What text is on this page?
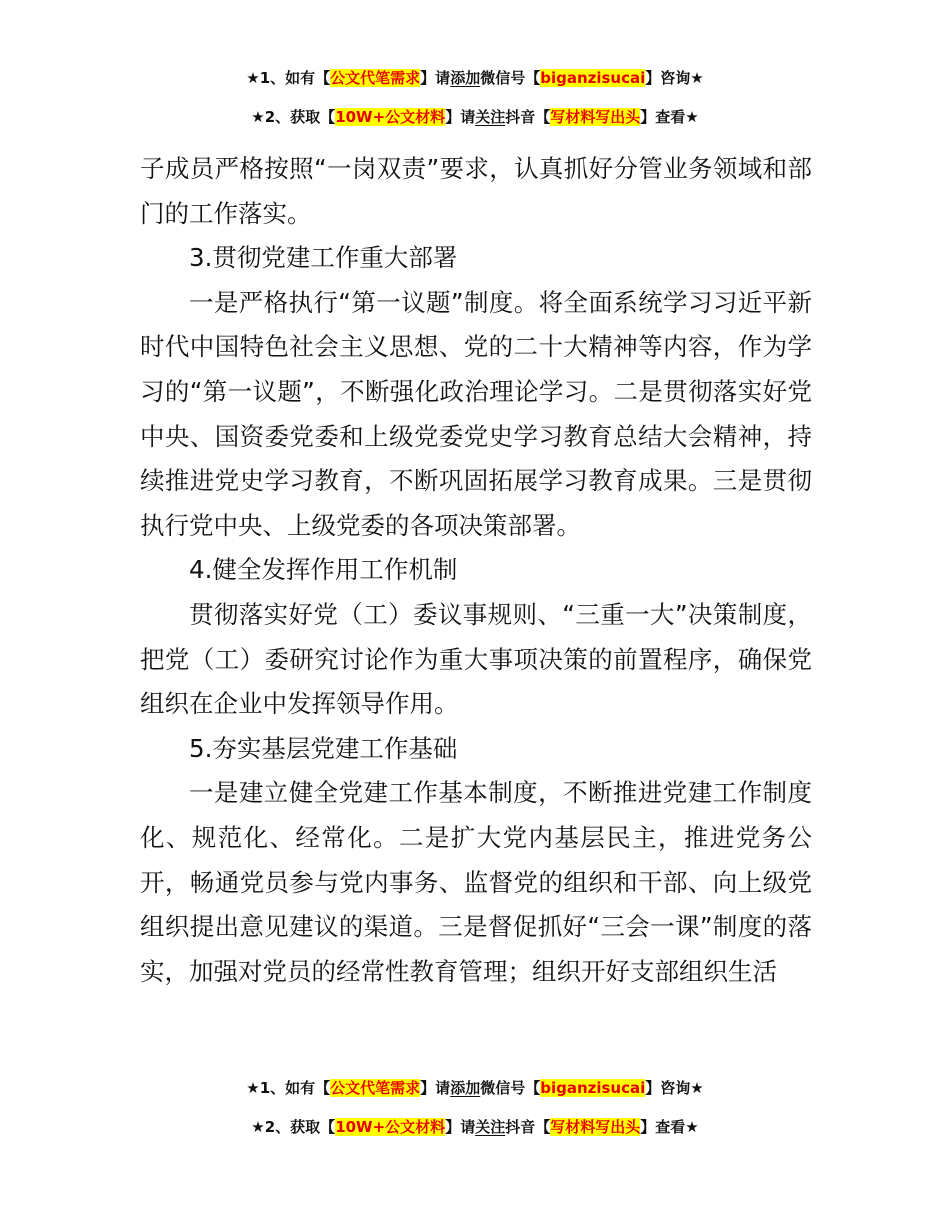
★1、如有【公文代笔需求】请添加微信号【biganzisucai】咨询★
★2、获取【10W+公文材料】请关注抖音【写材料写出头】查看★

子成员严格按照“一岗双责”要求，认真抓好分管业务领域和部门的工作落实。

3.贯彻党建工作重大部署

一是严格执行“第一议题”制度。将全面系统学习习近平新时代中国特色社会主义思想、党的二十大精神等内容，作为学习的“第一议题”，不断强化政治理论学习。二是贯彻落实好党中央、国资委党委和上级党委党史学习教育总结大会精神，持续推进党史学习教育，不断巩固拓展学习教育成果。三是贯彻执行党中央、上级党委的各项决策部署。

4.健全发挥作用工作机制

贯彻落实好党（工）委议事规则、“三重一大”决策制度，把党（工）委研究讨论作为重大事项决策的前置程序，确保党组织在企业中发挥领导作用。

5.夯实基层党建工作基础

一是建立健全党建工作基本制度，不断推进党建工作制度化、规范化、经常化。二是扩大党内基层民主，推进党务公开，畅通党员参与党内事务、监督党的组织和干部、向上级党组织提出意见建议的渠道。三是督促抓好“三会一课”制度的落实，加强对党员的经常性教育管理；组织开好支部组织生活

★1、如有【公文代笔需求】请添加微信号【biganzisucai】咨询★
★2、获取【10W+公文材料】请关注抖音【写材料写出头】查看★
